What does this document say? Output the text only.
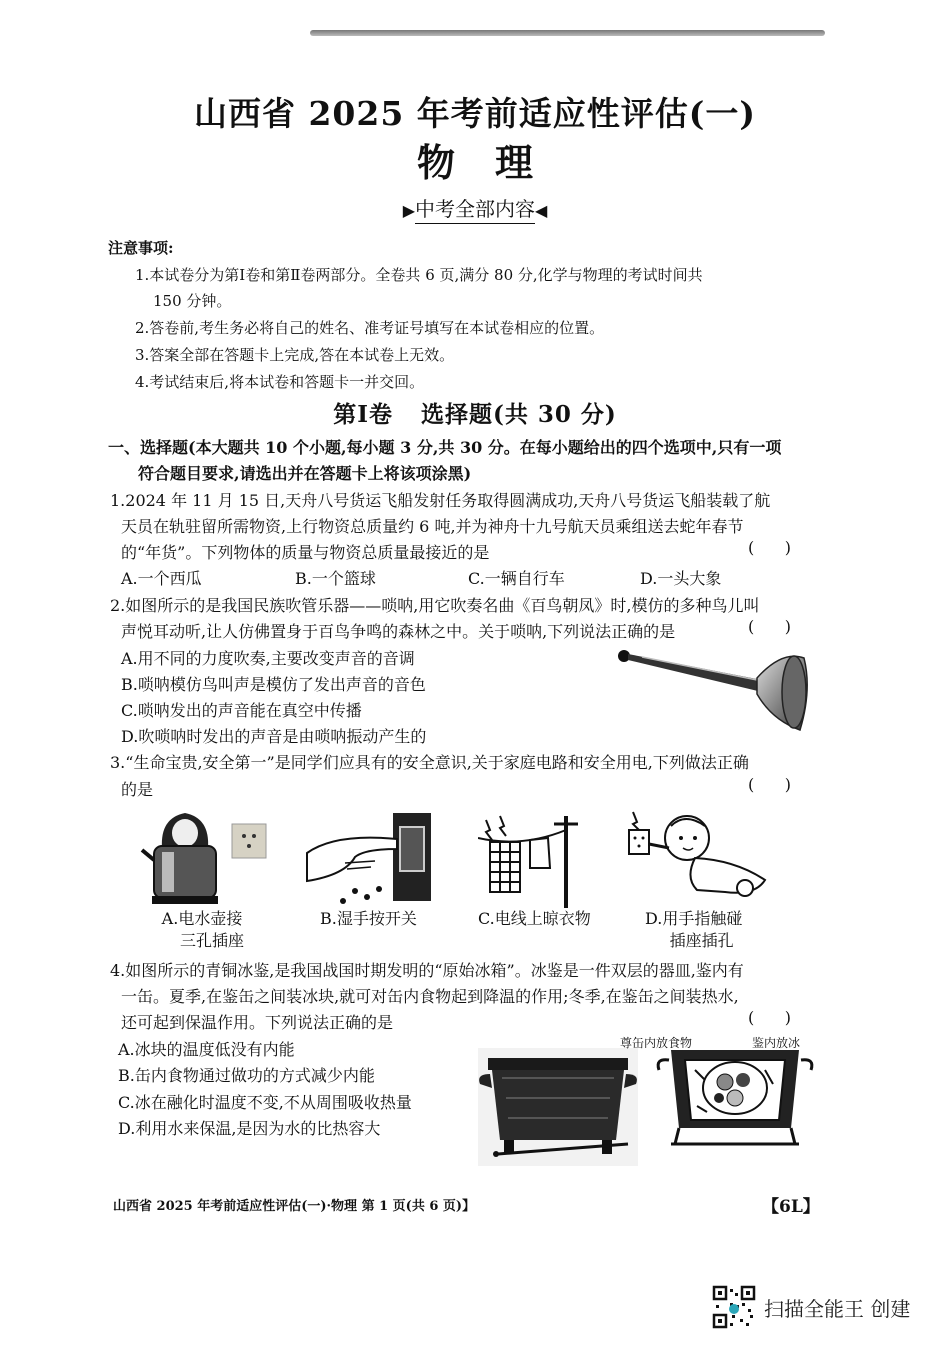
山西省 2025 年考前适应性评估(一)
物理
▶中考全部内容◀
注意事项:
1.本试卷分为第Ⅰ卷和第Ⅱ卷两部分。全卷共 6 页,满分 80 分,化学与物理的考试时间共
150 分钟。
2.答卷前,考生务必将自己的姓名、准考证号填写在本试卷相应的位置。
3.答案全部在答题卡上完成,答在本试卷上无效。
4.考试结束后,将本试卷和答题卡一并交回。
第Ⅰ卷 选择题(共 30 分)
一、选择题(本大题共 10 个小题,每小题 3 分,共 30 分。在每小题给出的四个选项中,只有一项
符合题目要求,请选出并在答题卡上将该项涂黑)
1.2024 年 11 月 15 日,天舟八号货运飞船发射任务取得圆满成功,天舟八号货运飞船装载了航
天员在轨驻留所需物资,上行物资总质量约 6 吨,并为神舟十九号航天员乘组送去蛇年春节
的“年货”。下列物体的质量与物资总质量最接近的是	(      )
A.一个西瓜	B.一个篮球	C.一辆自行车	D.一头大象
2.如图所示的是我国民族吹管乐器——唢呐,用它吹奏名曲《百鸟朝凤》时,模仿的多种鸟儿叫
声悦耳动听,让人仿佛置身于百鸟争鸣的森林之中。关于唢呐,下列说法正确的是	(      )
A.用不同的力度吹奏,主要改变声音的音调
B.唢呐模仿鸟叫声是模仿了发出声音的音色
C.唢呐发出的声音能在真空中传播
D.吹唢呐时发出的声音是由唢呐振动产生的
3.“生命宝贵,安全第一”是同学们应具有的安全意识,关于家庭电路和安全用电,下列做法正确
的是	(      )
A.电水壶接
三孔插座
B.湿手按开关	C.电线上晾衣物	D.用手指触碰
插座插孔
4.如图所示的青铜冰鉴,是我国战国时期发明的“原始冰箱”。冰鉴是一件双层的器皿,鉴内有
一缶。夏季,在鉴缶之间装冰块,就可对缶内食物起到降温的作用;冬季,在鉴缶之间装热水,
还可起到保温作用。下列说法正确的是	(      )
A.冰块的温度低没有内能
B.缶内食物通过做功的方式减少内能
C.冰在融化时温度不变,不从周围吸收热量
D.利用水来保温,是因为水的比热容大
尊缶内放食物	鉴内放冰
山西省 2025 年考前适应性评估(一)·物理 第 1 页(共 6 页)】	【6L】
扫描全能王 创建
